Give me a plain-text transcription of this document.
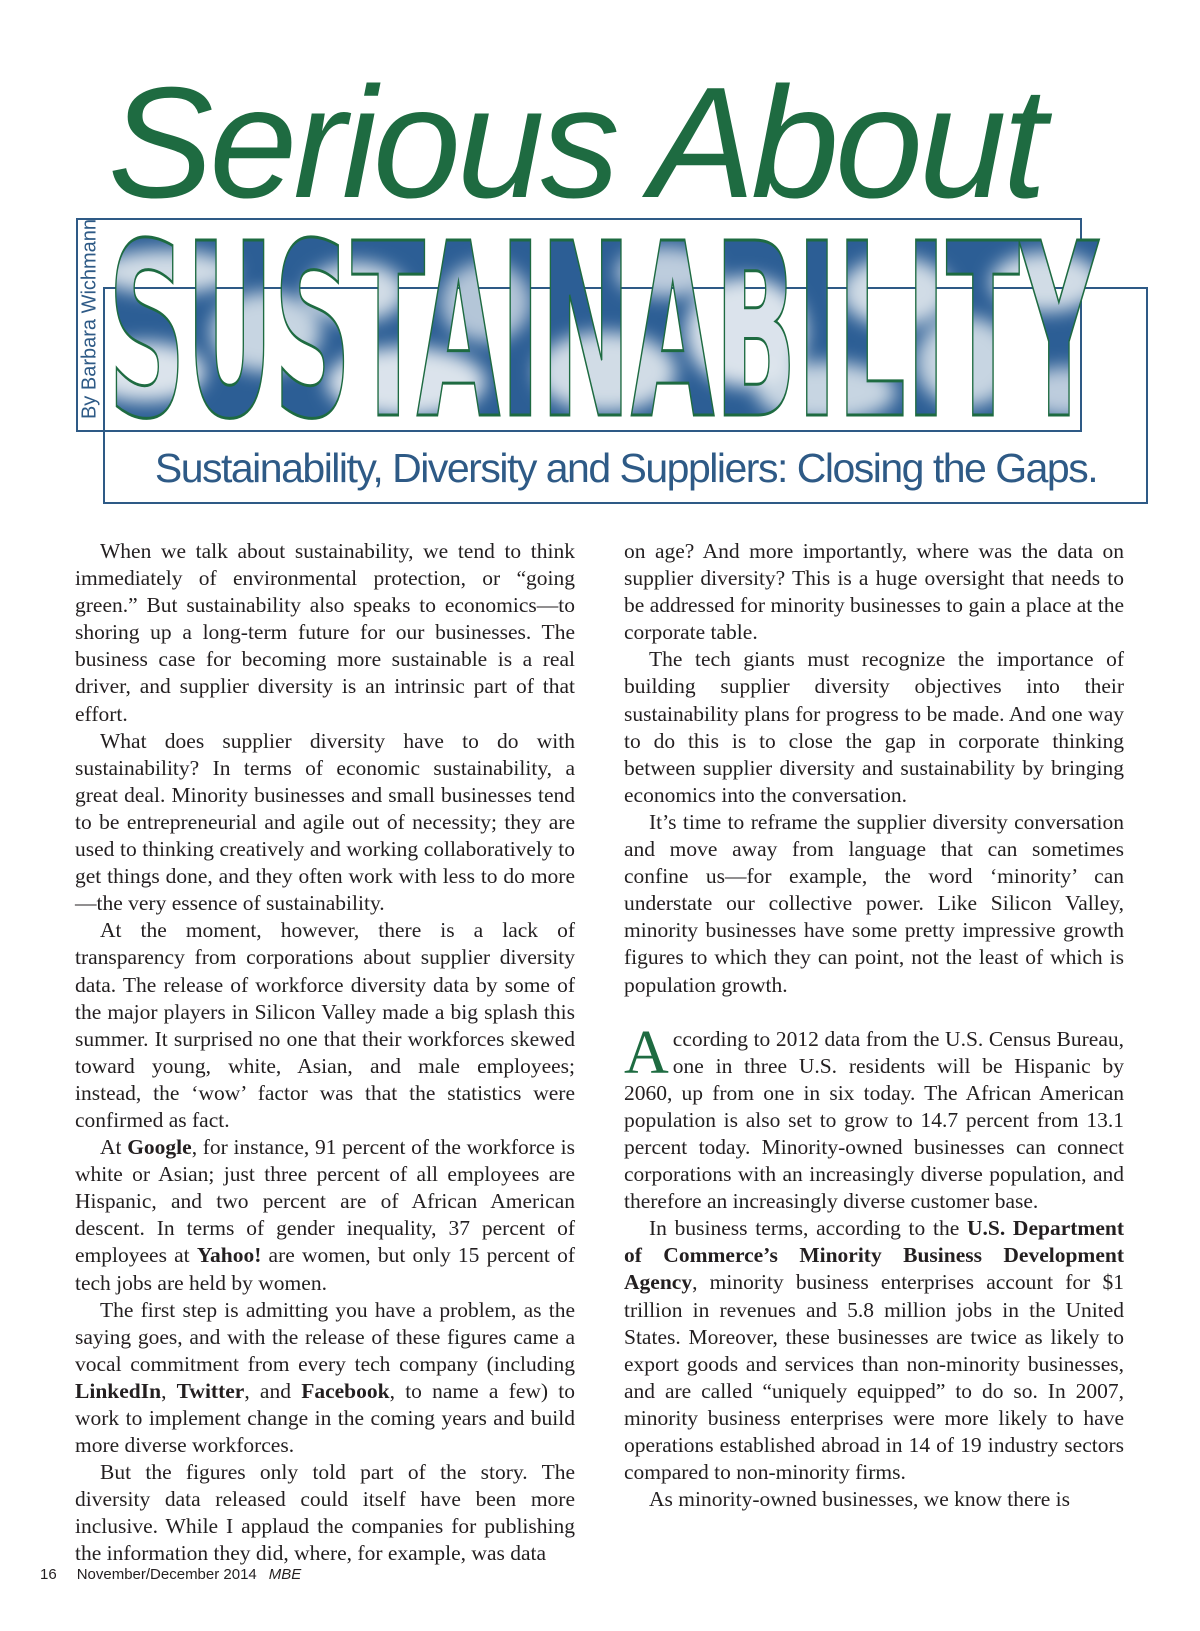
Serious About
By Barbara Wichmann SUSTAINABILITY
Sustainability, Diversity and Suppliers: Closing the Gaps.

When we talk about sustainability, we tend to think immediately of environmental protection, or “going green.” But sustainability also speaks to economics—to shoring up a long-term future for our businesses. The business case for becoming more sustainable is a real driver, and supplier diversity is an intrinsic part of that effort.

What does supplier diversity have to do with sustainability? In terms of economic sustainability, a great deal. Minority businesses and small businesses tend to be entrepreneurial and agile out of necessity; they are used to thinking creatively and working collaboratively to get things done, and they often work with less to do more—the very essence of sustainability.

At the moment, however, there is a lack of transparency from corporations about supplier diversity data. The release of workforce diversity data by some of the major players in Silicon Valley made a big splash this summer. It surprised no one that their workforces skewed toward young, white, Asian, and male employees; instead, the ‘wow’ factor was that the statistics were confirmed as fact.

At Google, for instance, 91 percent of the workforce is white or Asian; just three percent of all employees are Hispanic, and two percent are of African American descent. In terms of gender inequality, 37 percent of employees at Yahoo! are women, but only 15 percent of tech jobs are held by women.

The first step is admitting you have a problem, as the saying goes, and with the release of these figures came a vocal commitment from every tech company (including LinkedIn, Twitter, and Facebook, to name a few) to work to implement change in the coming years and build more diverse workforces.

But the figures only told part of the story. The diversity data released could itself have been more inclusive. While I applaud the companies for publishing the information they did, where, for example, was data

on age? And more importantly, where was the data on supplier diversity? This is a huge oversight that needs to be addressed for minority businesses to gain a place at the corporate table.

The tech giants must recognize the importance of building supplier diversity objectives into their sustainability plans for progress to be made. And one way to do this is to close the gap in corporate thinking between supplier diversity and sustainability by bringing economics into the conversation.

It’s time to reframe the supplier diversity conversation and move away from language that can sometimes confine us—for example, the word ‘minority’ can understate our collective power. Like Silicon Valley, minority businesses have some pretty impressive growth figures to which they can point, not the least of which is population growth.

According to 2012 data from the U.S. Census Bureau, one in three U.S. residents will be Hispanic by 2060, up from one in six today. The African American population is also set to grow to 14.7 percent from 13.1 percent today. Minority-owned businesses can connect corporations with an increasingly diverse population, and therefore an increasingly diverse customer base.

In business terms, according to the U.S. Department of Commerce’s Minority Business Development Agency, minority business enterprises account for $1 trillion in revenues and 5.8 million jobs in the United States. Moreover, these businesses are twice as likely to export goods and services than non-minority businesses, and are called “uniquely equipped” to do so. In 2007, minority business enterprises were more likely to have operations established abroad in 14 of 19 industry sectors compared to non-minority firms.

As minority-owned businesses, we know there is

16 November/December 2014 MBE
